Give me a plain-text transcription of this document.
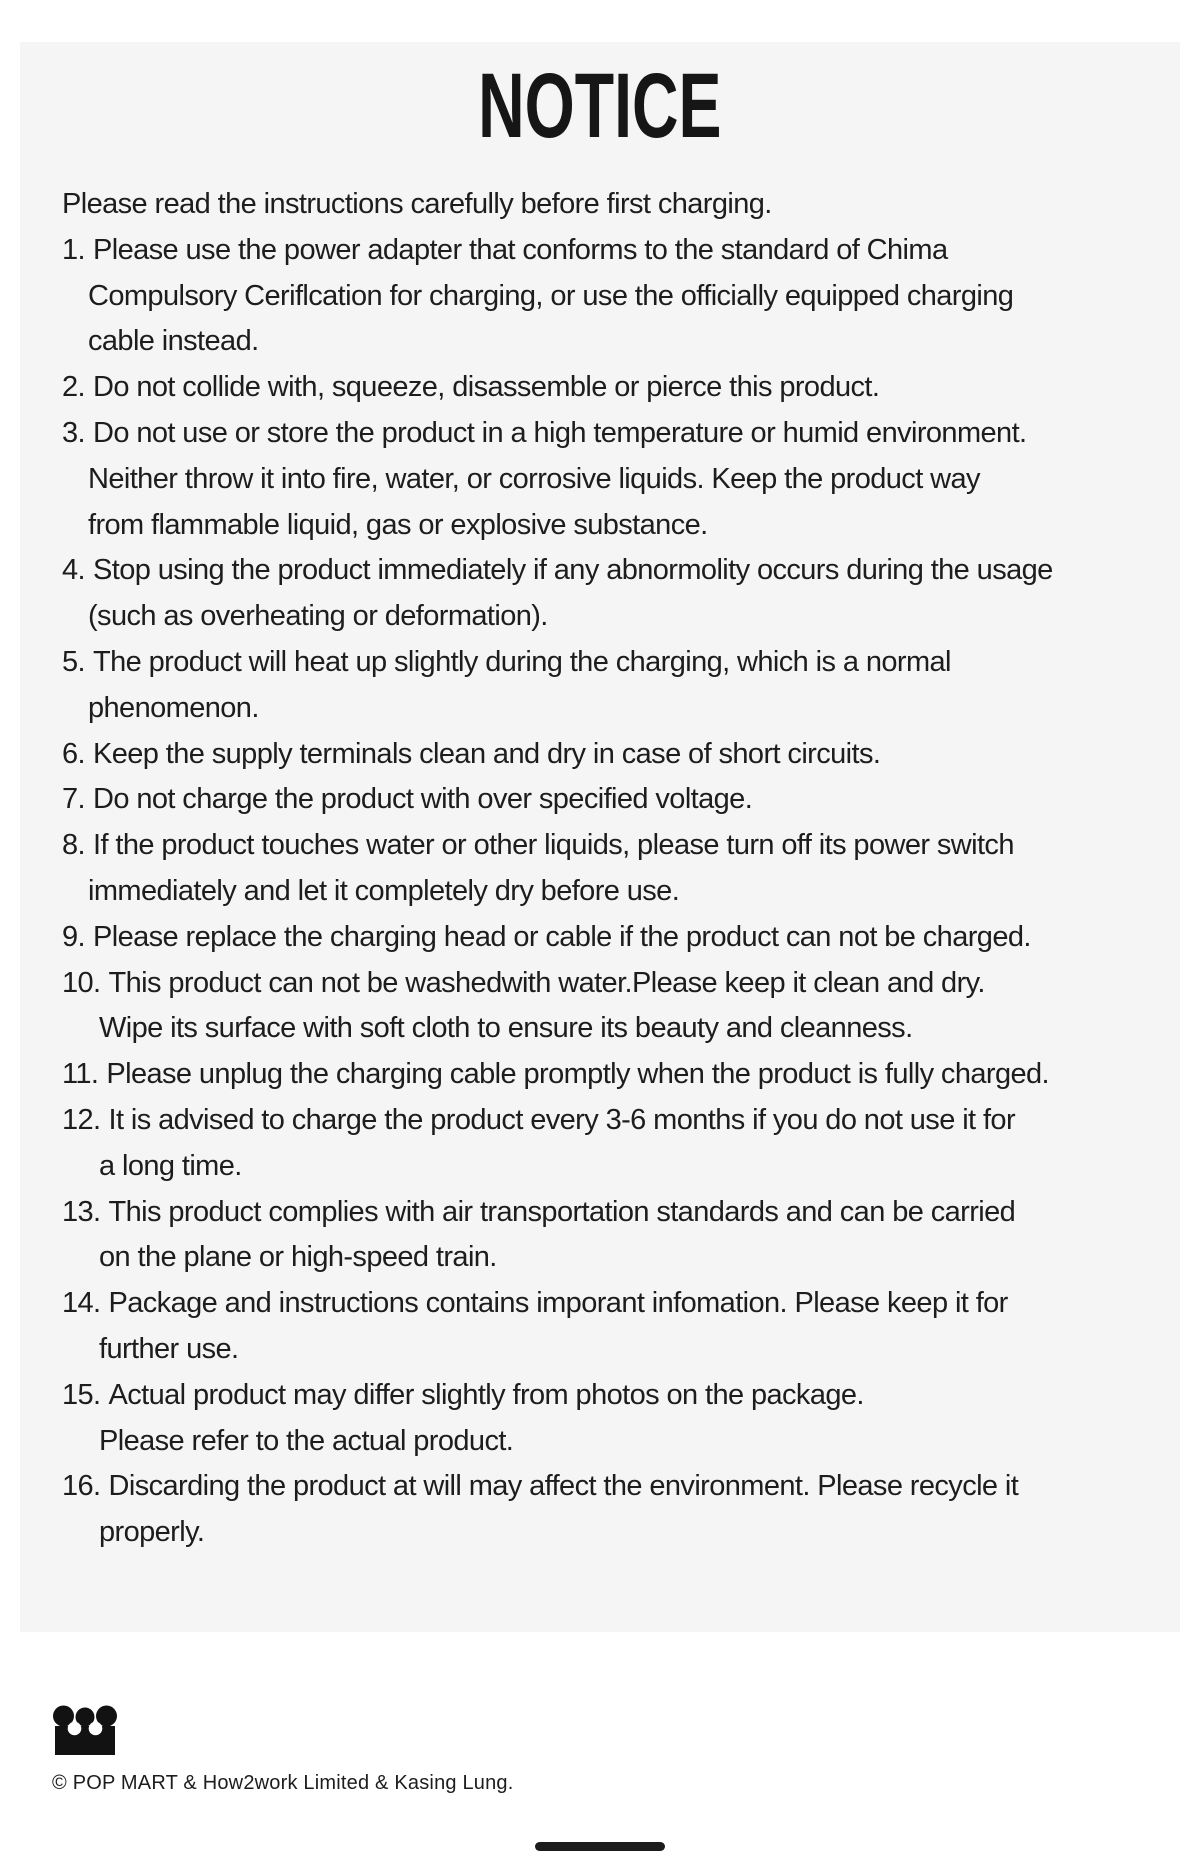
NOTICE
Please read the instructions carefully before first charging.
1. Please use the power adapter that conforms to the standard of Chima
Compulsory Ceriflcation for charging, or use the officially equipped charging
cable instead.
2. Do not collide with, squeeze, disassemble or pierce this product.
3. Do not use or store the product in a high temperature or humid environment.
Neither throw it into fire, water, or corrosive liquids. Keep the product way
from flammable liquid, gas or explosive substance.
4. Stop using the product immediately if any abnormolity occurs during the usage
(such as overheating or deformation).
5. The product will heat up slightly during the charging, which is a normal
phenomenon.
6. Keep the supply terminals clean and dry in case of short circuits.
7. Do not charge the product with over specified voltage.
8. If the product touches water or other liquids, please turn off its power switch
immediately and let it completely dry before use.
9. Please replace the charging head or cable if the product can not be charged.
10. This product can not be washedwith water.Please keep it clean and dry.
Wipe its surface with soft cloth to ensure its beauty and cleanness.
11. Please unplug the charging cable promptly when the product is fully charged.
12. It is advised to charge the product every 3-6 months if you do not use it for
a long time.
13. This product complies with air transportation standards and can be carried
on the plane or high-speed train.
14. Package and instructions contains imporant infomation. Please keep it for
further use.
15. Actual product may differ slightly from photos on the package.
Please refer to the actual product.
16. Discarding the product at will may affect the environment. Please recycle it
properly.
© POP MART & How2work Limited & Kasing Lung.
